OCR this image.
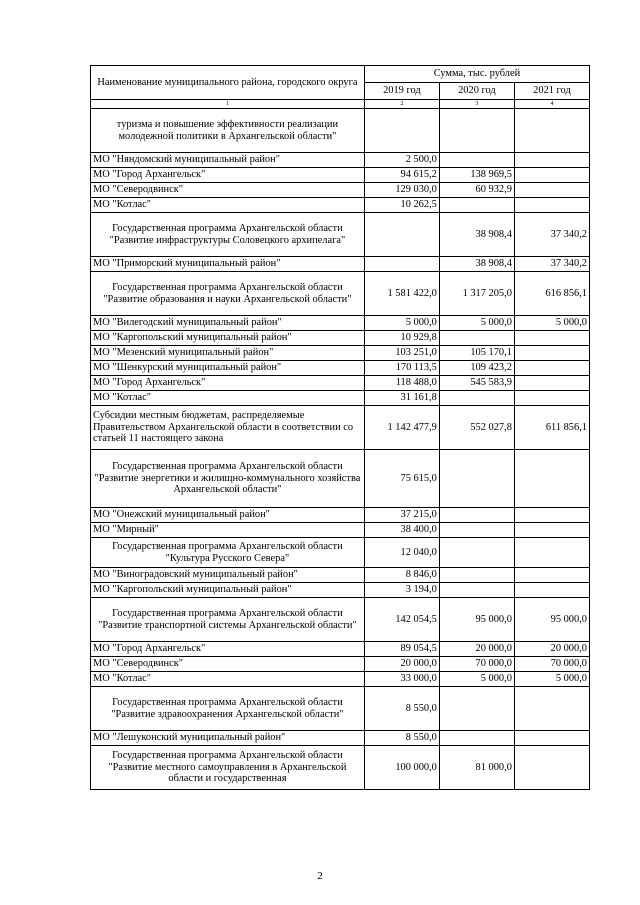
Наименование муниципального района, городского округа	Сумма, тыс. рублей		
	2019 год	2020 год	2021 год
1	2	3	4
туризма и повышение эффективности реализации молодежной политики в Архангельской области"			
МО "Няндомский муниципальный район"	2 500,0		
МО "Город Архангельск"	94 615,2	138 969,5	
МО "Северодвинск"	129 030,0	60 932,9	
МО "Котлас"	10 262,5		
Государственная программа Архангельской области "Развитие инфраструктуры Соловецкого архипелага"		38 908,4	37 340,2
МО "Приморский муниципальный район"		38 908,4	37 340,2
Государственная программа Архангельской области "Развитие образования и науки Архангельской области"	1 581 422,0	1 317 205,0	616 856,1
МО "Вилегодский муниципальный район"	5 000,0	5 000,0	5 000,0
МО "Каргопольский муниципальный район"	10 929,8		
МО "Мезенский муниципальный район"	103 251,0	105 170,1	
МО "Шенкурский муниципальный район"	170 113,5	109 423,2	
МО "Город Архангельск"	118 488,0	545 583,9	
МО "Котлас"	31 161,8		
Субсидии местным бюджетам, распределяемые Правительством Архангельской области в соответствии со статьей 11 настоящего закона	1 142 477,9	552 027,8	611 856,1
Государственная программа Архангельской области "Развитие энергетики и жилищно-коммунального хозяйства Архангельской области"	75 615,0		
МО "Онежский муниципальный район"	37 215,0		
МО "Мирный"	38 400,0		
Государственная программа Архангельской области "Культура Русского Севера"	12 040,0		
МО "Виноградовский муниципальный район"	8 846,0		
МО "Каргопольский муниципальный район"	3 194,0		
Государственная программа Архангельской области "Развитие транспортной системы Архангельской области"	142 054,5	95 000,0	95 000,0
МО "Город Архангельск"	89 054,5	20 000,0	20 000,0
МО "Северодвинск"	20 000,0	70 000,0	70 000,0
МО "Котлас"	33 000,0	5 000,0	5 000,0
Государственная программа Архангельской области "Развитие здравоохранения Архангельской области"	8 550,0		
МО "Лешуконский муниципальный район"	8 550,0		
Государственная программа Архангельской области "Развитие местного самоуправления в Архангельской области и государственная	100 000,0	81 000,0	
2
